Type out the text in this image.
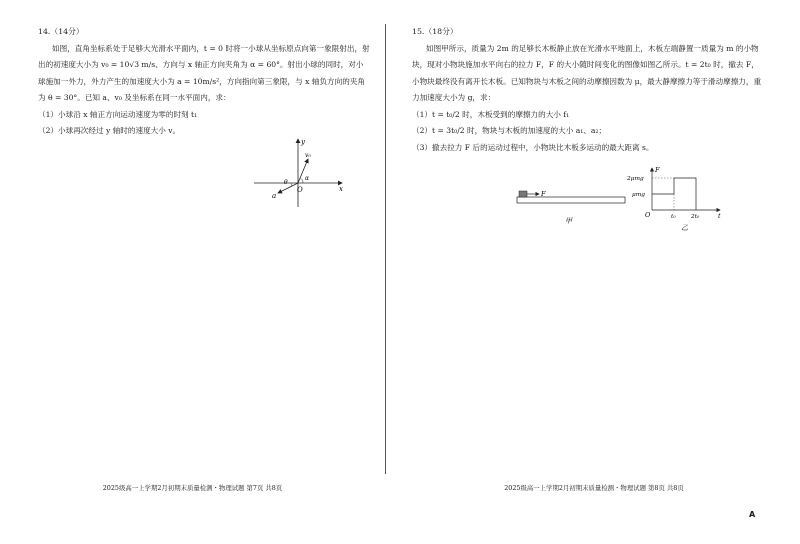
14.（14分）

如图，直角坐标系处于足够大光滑水平面内，t = 0 时将一小球从坐标原点向第一象限射出，射出的初速度大小为 v₀ = 10√3 m/s、方向与 x 轴正方向夹角为 α = 60°。射出小球的同时，对小球施加一外力，外力产生的加速度大小为 a = 10m/s²，方向指向第三象限，与 x 轴负方向的夹角为 θ = 30°。已知 a、v₀ 及坐标系在同一水平面内，求：

（1）小球沿 x 轴正方向运动速度为零的时刻 t₁

（2）小球再次经过 y 轴时的速度大小 v。

y
x
v₀
α
θ
O
a
2025级高一上学期2月初期末质量检测・物理试题 第7页 共8页
15.（18分）

如图甲所示，质量为 2m 的足够长木板静止放在光滑水平地面上，木板左端静置一质量为 m 的小物块，现对小物块施加水平向右的拉力 F，F 的大小随时间变化的图像如图乙所示。t = 2t₀ 时，撤去 F，小物块最终没有离开长木板。已知物块与木板之间的动摩擦因数为 μ，最大静摩擦力等于滑动摩擦力，重力加速度大小为 g，求：

（1）t = t₀/2 时，木板受到的摩擦力的大小 f₁

（2）t = 3t₀/2 时，物块与木板的加速度的大小 a₁、a₂；

（3）撤去拉力 F 后的运动过程中，小物块比木板多运动的最大距离 s。

F
甲
F
t
O
2μmg
μmg
t₀	2t₀
乙
2025级高一上学期2月初期末质量检测・物理试题 第8页 共8页
A
